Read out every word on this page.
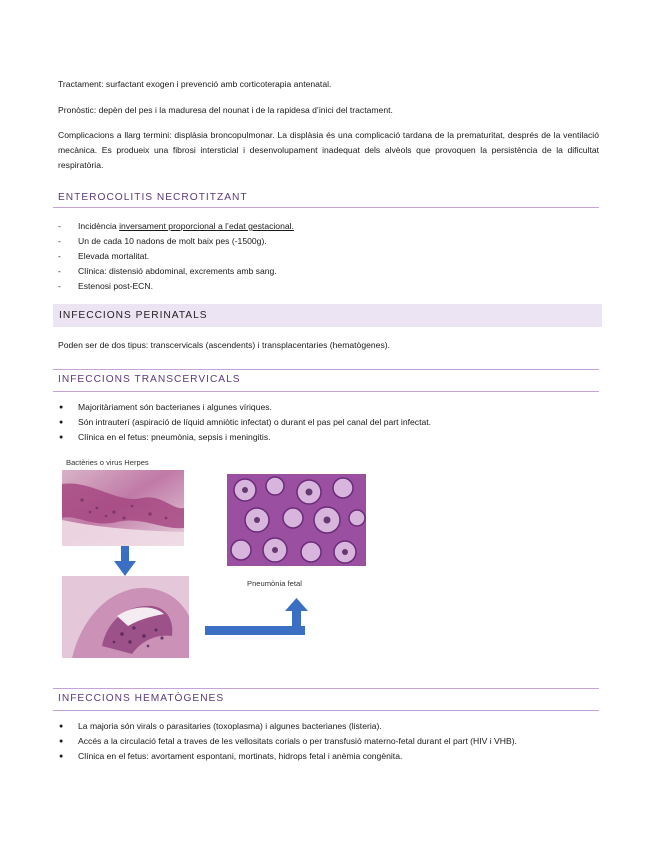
Tractament: surfactant exogen i prevenció amb corticoterapia antenatal.

Pronòstic: depèn del pes i la maduresa del nounat i de la rapidesa d’inici del tractament.

Complicacions a llarg termini: displàsia broncopulmonar. La displàsia és una complicació tardana de la prematuritat, després de la ventilació mecànica. Es produeix una fibrosi intersticial i desenvolupament inadequat dels alvèols que provoquen la persistència de la dificultat respiratòria.

ENTEROCOLITIS NECROTITZANT
- Incidència inversament proporcional a l’edat gestacional.
- Un de cada 10 nadons de molt baix pes (-1500g).
- Elevada mortalitat.
- Clínica: distensió abdominal, excrements amb sang.
- Estenosi post-ECN.
INFECCIONS PERINATALS

Poden ser de dos tipus: transcervicals (ascendents) i transplacentaries (hematògenes).

INFECCIONS TRANSCERVICALS
● Majoritàriament són bacterianes i algunes víriques.
● Són intrauterí (aspiració de líquid amniòtic infectat) o durant el pas pel canal del part infectat.
● Clínica en el fetus: pneumònia, sepsis i meningitis.
Bactèries o virus Herpes
Pneumònia fetal
INFECCIONS HEMATÒGENES
● La majoria són virals o parasitaries (toxoplasma) i algunes bacterianes (listeria).
● Accés a la circulació fetal a traves de les vellositats corials o per transfusió materno-fetal durant el part (HIV i VHB).
● Clínica en el fetus: avortament espontani, mortinats, hidrops fetal i anèmia congènita.
